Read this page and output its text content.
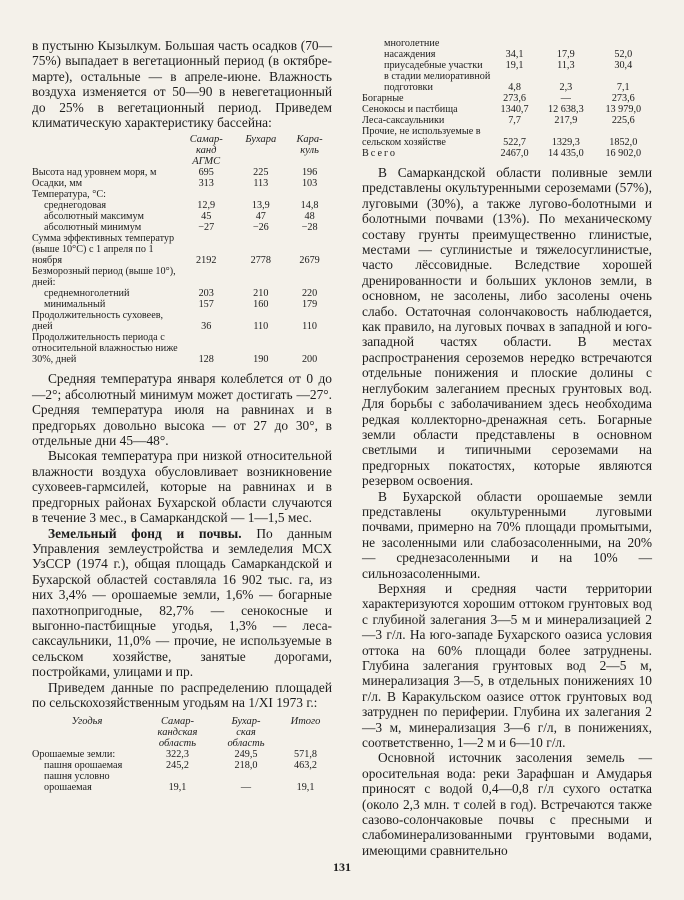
в пустыню Кызылкум. Большая часть осадков (70—75%) выпадает в вегетационный период (в октябре-марте), остальные — в апреле-июне. Влажность воздуха изменяется от 50—90 в невегетационный до 25% в вегетационный период. Приведем климатическую характеристику бассейна:

	Самар-
канд
АГМС	Бухара	Кара-
куль
Высота над уровнем моря, м	695	225	196
Осадки, мм	313	113	103
Температура, °С:			
среднегодовая	12,9	13,9	14,8
абсолютный максимум	45	47	48
абсолютный минимум	−27	−26	−28
Сумма эффективных температур (выше 10°С) с 1 апреля по 1 ноября	2192	2778	2679
Безморозный период (выше 10°), дней:			
среднемноголетний	203	210	220
минимальный	157	160	179
Продолжительность суховеев, дней	36	110	110
Продолжительность периода с относительной влажностью ниже 30%, дней	128	190	200

Средняя температура января колеблется от 0 до —2°; абсолютный минимум может достигать —27°. Средняя температура июля на равнинах и в предгорьях довольно высока — от 27 до 30°, в отдельные дни 45—48°.

Высокая температура при низкой относительной влажности воздуха обусловливает возникновение суховеев-гармсилей, которые на равнинах и в предгорных районах Бухарской области случаются в течение 3 мес., в Самаркандской — 1—1,5 мес.

Земельный фонд и почвы. По данным Управления землеустройства и земледелия МСХ УзССР (1974 г.), общая площадь Самаркандской и Бухарской областей составляла 16 902 тыс. га, из них 3,4% — орошаемые земли, 1,6% — богарные пахотнопригодные, 82,7% — сенокосные и выгонно-пастбищные угодья, 1,3% — леса-саксаульники, 11,0% — прочие, не используемые в сельском хозяйстве, занятые дорогами, постройками, улицами и пр.

Приведем данные по распределению площадей по сельскохозяйственным угодьям на 1/XI 1973 г.:

Угодья	Самар-
кандская
область	Бухар-
ская
область	Итого
Орошаемые земли:	322,3	249,5	571,8
пашня орошаемая	245,2	218,0	463,2
пашня условно орошаемая	19,1	—	19,1
многолетние насаждения	34,1	17,9	52,0
приусадебные участки	19,1	11,3	30,4
в стадии мелиоративной подготовки	4,8	2,3	7,1
Богарные	273,6	—	273,6
Сенокосы и пастбища	1340,7	12 638,3	13 979,0
Леса-саксаульники	7,7	217,9	225,6
Прочие, не используемые в сельском хозяйстве	522,7	1329,3	1852,0
Всего	2467,0	14 435,0	16 902,0

В Самаркандской области поливные земли представлены окультуренными сероземами (57%), луговыми (30%), а также лугово-болотными и болотными почвами (13%). По механическому составу грунты преимущественно глинистые, местами — суглинистые и тяжелосуглинистые, часто лёссовидные. Вследствие хорошей дренированности и больших уклонов земли, в основном, не засолены, либо засолены очень слабо. Остаточная солончаковость наблюдается, как правило, на луговых почвах в западной и юго-западной частях области. В местах распространения сероземов нередко встречаются отдельные понижения и плоские долины с неглубоким залеганием пресных грунтовых вод. Для борьбы с заболачиванием здесь необходима редкая коллекторно-дренажная сеть. Богарные земли области представлены в основном светлыми и типичными сероземами на предгорных покатостях, которые являются резервом освоения.

В Бухарской области орошаемые земли представлены окультуренными луговыми почвами, примерно на 70% площади промытыми, не засоленными или слабозасоленными, на 20% — среднезасоленными и на 10% — сильнозасоленными.

Верхняя и средняя части территории характеризуются хорошим оттоком грунтовых вод с глубиной залегания 3—5 м и минерализацией 2—3 г/л. На юго-западе Бухарского оазиса условия оттока на 60% площади более затруднены. Глубина залегания грунтовых вод 2—5 м, минерализация 3—5, в отдельных понижениях 10 г/л. В Каракульском оазисе отток грунтовых вод затруднен по периферии. Глубина их залегания 2—3 м, минерализация 3—6 г/л, в понижениях, соответственно, 1—2 м и 6—10 г/л.

Основной источник засоления земель — оросительная вода: реки Зарафшан и Амударья приносят с водой 0,4—0,8 г/л сухого остатка (около 2,3 млн. т солей в год). Встречаются также сазово-солончаковые почвы с пресными и слабоминерализованными грунтовыми водами, имеющими сравнительно

131
